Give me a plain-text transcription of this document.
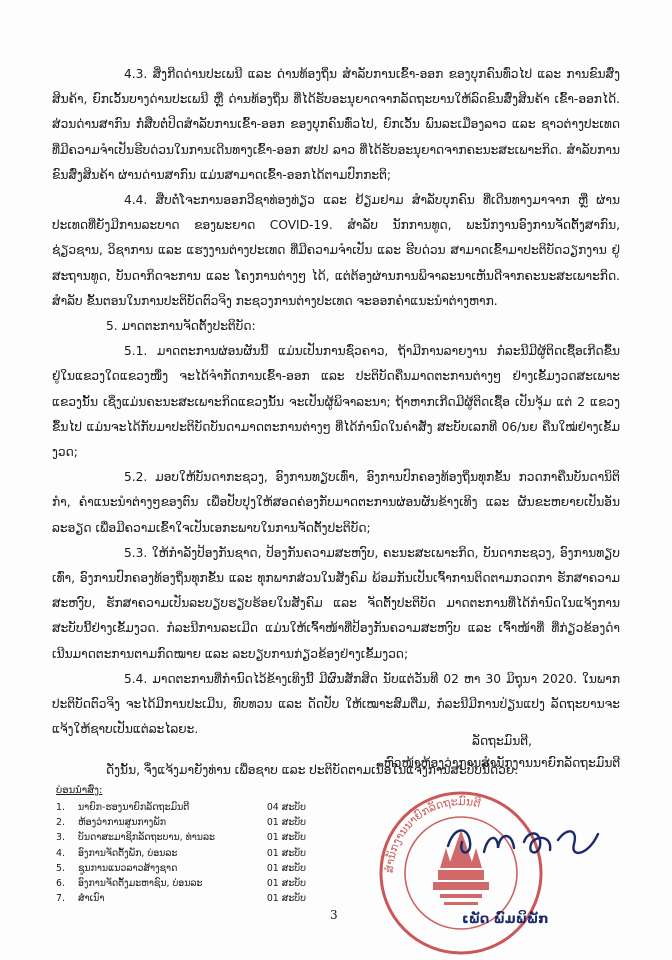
4.3. ສິ່ງກີດດ່ານປະເພນີ ແລະ ດ່ານທ້ອງຖິ່ນ ສໍາລັບການເຂົ້າ-ອອກ ຂອງບຸກຄົນທົ່ວໄປ ແລະ ການຂົນສົ່ງສິນຄ້າ, ຍົກເວັ້ນບາງດ່ານປະເພນີ ຫຼື ດ່ານທ້ອງຖິ່ນ ທີ່ໄດ້ຮັບອະນຸຍາດຈາກລັດຖະບານໃຫ້ລົດຂົນສົ່ງສິນຄ້າ ເຂົ້າ-ອອກໄດ້. ສ່ວນດ່ານສາກົນ ກໍ່ສືບຕໍ່ປິດສໍາລັບການເຂົ້າ-ອອກ ຂອງບຸກຄົນທົ່ວໄປ, ຍົກເວັ້ນ ພົນລະເມືອງລາວ ແລະ ຊາວຕ່າງປະເທດ ທີ່ມີຄວາມຈໍາເປັນຮີບດ່ວນໃນການເດີນທາງເຂົ້າ-ອອກ ສປປ ລາວ ທີ່ໄດ້ຮັບອະນຸຍາດຈາກຄະນະສະເພາະກິດ. ສໍາລັບການຂົນສົ່ງສິນຄ້າ ຜ່ານດ່ານສາກົນ ແມ່ນສາມາດເຂົ້າ-ອອກໄດ້ຕາມປົກກະຕິ;

4.4. ສືບຕໍ່ໂຈະການອອກວີຊາທ່ອງທ່ຽວ ແລະ ຢ້ຽມຢາມ ສໍາລັບບຸກຄົນ ທີ່ເດີນທາງມາຈາກ ຫຼື ຜ່ານປະເທດທີ່ຍັງມີການລະບາດ ຂອງພະຍາດ COVID-19. ສໍາລັບ ນັກການທູດ, ພະນັກງານອົງການຈັດຕັ້ງສາກົນ, ຊ່ຽວຊານ, ວິຊາການ ແລະ ແຮງງານຕ່າງປະເທດ ທີ່ມີຄວາມຈໍາເປັນ ແລະ ຮີບດ່ວນ ສາມາດເຂົ້າມາປະຕິບັດວຽກງານ ຢູ່ ສະຖານທູດ, ບັນດາກິດຈະການ ແລະ ໂຄງການຕ່າງໆ ໄດ້, ແຕ່ຕ້ອງຜ່ານການພິຈາລະນາເຫັນດີຈາກຄະນະສະເພາະກິດ. ສໍາລັບ ຂັ້ນຕອນໃນການປະຕິບັດຕົວຈິງ ກະຊວງການຕ່າງປະເທດ ຈະອອກຄໍາແນະນໍາຕ່າງຫາກ.

5. ມາດຕະການຈັດຕັ້ງປະຕິບັດ:

5.1. ມາດຕະການຜ່ອນຜັນນີ້ ແມ່ນເປັນການຊົ່ວຄາວ, ຖ້າມີການລາຍງານ ກໍລະນີມີຜູ້ຕິດເຊື້ອເກີດຂຶ້ນ ຢູ່ໃນແຂວງໃດແຂວງໜຶ່ງ ຈະໄດ້ຈໍາກັດການເຂົ້າ-ອອກ ແລະ ປະຕິບັດຄືນມາດຕະການຕ່າງໆ ຢ່າງເຂັ້ມງວດສະເພາະແຂວງນັ້ນ ເຊິ່ງແມ່ນຄະນະສະເພາະກິດແຂວງນັ້ນ ຈະເປັນຜູ້ພິຈາລະນາ; ຖ້າຫາກເກີດມີຜູ້ຕິດເຊື້ອ ເປັນຈຸ້ມ ແຕ່ 2 ແຂວງຂຶ້ນໄປ ແມ່ນຈະໄດ້ກັບມາປະຕິບັດບັນດາມາດຕະການຕ່າງໆ ທີ່ໄດ້ກໍານົດໃນຄໍາສັ່ງ ສະບັບເລກທີ 06/ນຍ ຄືນໃໝ່ຢ່າງເຂັ້ມງວດ;

5.2. ມອບໃຫ້ບັນດາກະຊວງ, ອົງການທຽບເທົ່າ, ອົງການປົກຄອງທ້ອງຖິ່ນທຸກຂັ້ນ ກວດກາຄືນບັນດານິຕິກໍາ, ຄໍາແນະນໍາຕ່າງໆຂອງຕົນ ເພື່ອປັບປຸງໃຫ້ສອດຄ່ອງກັບມາດຕະການຜ່ອນຜັນຂ້າງເທິງ ແລະ ຜັນຂະຫຍາຍເປັນອັນລະອຽດ ເພື່ອມີຄວາມເຂົ້າໃຈເປັນເອກະພາບໃນການຈັດຕັ້ງປະຕິບັດ;

5.3. ໃຫ້ກໍາລັງປ້ອງກັນຊາດ, ປ້ອງກັນຄວາມສະຫງົບ, ຄະນະສະເພາະກິດ, ບັນດາກະຊວງ, ອົງການທຽບເທົ່າ, ອົງການປົກຄອງທ້ອງຖິ່ນທຸກຂັ້ນ ແລະ ທຸກພາກສ່ວນໃນສັງຄົມ ພ້ອມກັນເປັນເຈົ້າການຕິດຕາມກວດກາ ຮັກສາຄວາມສະຫງົບ, ຮັກສາຄວາມເປັນລະບຽບຮຽບຮ້ອຍໃນສັງຄົມ ແລະ ຈັດຕັ້ງປະຕິບັດ ມາດຕະການທີ່ໄດ້ກໍານົດໃນແຈ້ງການສະບັບນີ້ຢ່າງເຂັ້ມງວດ. ກໍລະນີການລະເມີດ ແມ່ນໃຫ້ເຈົ້າໜ້າທີ່ປ້ອງກັນຄວາມສະຫງົບ ແລະ ເຈົ້າໜ້າທີ່ ທີ່ກ່ຽວຂ້ອງດໍາເນີນມາດຕະການຕາມກົດໝາຍ ແລະ ລະບຽບການກ່ຽວຂ້ອງຢ່າງເຂັ້ມງວດ;

5.4. ມາດຕະການທີ່ກໍານົດໄວ້ຂ້າງເທິງນີ້ ມີຜົນສັກສິດ ນັບແຕ່ວັນທີ 02 ຫາ 30 ມິຖຸນາ 2020. ໃນພາກປະຕິບັດຕົວຈິງ ຈະໄດ້ມີການປະເມີນ, ທົບທວນ ແລະ ດັດປັບ ໃຫ້ເໝາະສົມຕື່ມ, ກໍລະນີມີການປ່ຽນແປງ ລັດຖະບານຈະແຈ້ງໃຫ້ຊາບເປັນແຕ່ລະໄລຍະ.

ດັ່ງນັ້ນ, ຈຶ່ງແຈ້ງມາຍັງທ່ານ ເພື່ອຊາບ ແລະ ປະຕິບັດຕາມເນື້ອໃນແຈ້ງການສະບັບນີ້ດ້ວຍ.

ລັດຖະມົນຕີ,
ຫົວໜ້າຫ້ອງວ່າການສໍານັກງານນາຍົກລັດຖະມົນຕີ
ບ່ອນນໍາສົ່ງ:
1.	ນາຍົກ-ຮອງນາຍົກລັດຖະມົນຕີ	04 ສະບັບ
2.	ຫ້ອງວ່າການສູນກາງພັກ	01 ສະບັບ
3.	ບັນດາສະມາຊິກລັດຖະບານ, ທ່ານລະ	01 ສະບັບ
4.	ອົງການຈັດຕັ້ງພັກ, ບ່ອນລະ	01 ສະບັບ
5.	ຊູນການແນວລາວສ້າງຊາດ	01 ສະບັບ
6.	ອົງການຈັດຕັ້ງມະຫາຊົນ, ບ່ອນລະ	01 ສະບັບ
7.	ສໍາເນົາ	01 ສະບັບ
ສໍານັກງານນາຍົກລັດຖະມົນຕີ
ເພັດ ພົມພິພັກ
3
